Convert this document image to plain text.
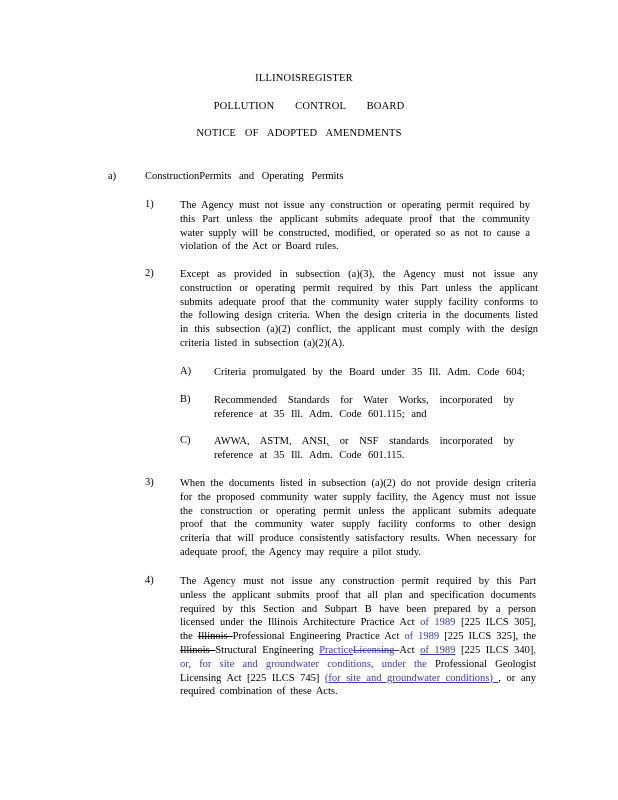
ILLINOISREGISTER
POLLUTION CONTROL BOARD
NOTICE OF ADOPTED AMENDMENTS
a)	ConstructionPermits and Operating Permits
1)	The Agency must not issue any construction or operating permit required by this Part unless the applicant submits adequate proof that the community water supply will be constructed, modified, or operated so as not to cause a violation of the Act or Board rules.
2)	Except as provided in subsection (a)(3), the Agency must not issue any construction or operating permit required by this Part unless the applicant submits adequate proof that the community water supply facility conforms to the following design criteria. When the design criteria in the documents listed in this subsection (a)(2) conflict, the applicant must comply with the design criteria listed in subsection (a)(2)(A).
A) Criteria promulgated by the Board under 35 Ill. Adm. Code 604;
B) Recommended Standards for Water Works, incorporated by reference at 35 Ill. Adm. Code 601.115; and
C) AWWA, ASTM, ANSI, or NSF standards incorporated by reference at 35 Ill. Adm. Code 601.115.
3)	When the documents listed in subsection (a)(2) do not provide design criteria for the proposed community water supply facility, the Agency must not issue the construction or operating permit unless the applicant submits adequate proof that the community water supply facility conforms to other design criteria that will produce consistently satisfactory results. When necessary for adequate proof, the Agency may require a pilot study.
4)	The Agency must not issue any construction permit required by this Part unless the applicant submits proof that all plan and specification documents required by this Section and Subpart B have been prepared by a person licensed under the Illinois Architecture Practice Act of 1989 [225 ILCS 305], the Illinois Professional Engineering Practice Act of 1989 [225 ILCS 325], the Illinois Structural Engineering PracticeLicensing Act of 1989 [225 ILCS 340], or, for site and groundwater conditions, under the Professional Geologist Licensing Act [225 ILCS 745] (for site and groundwater conditions) , or any required combination of these Acts.
